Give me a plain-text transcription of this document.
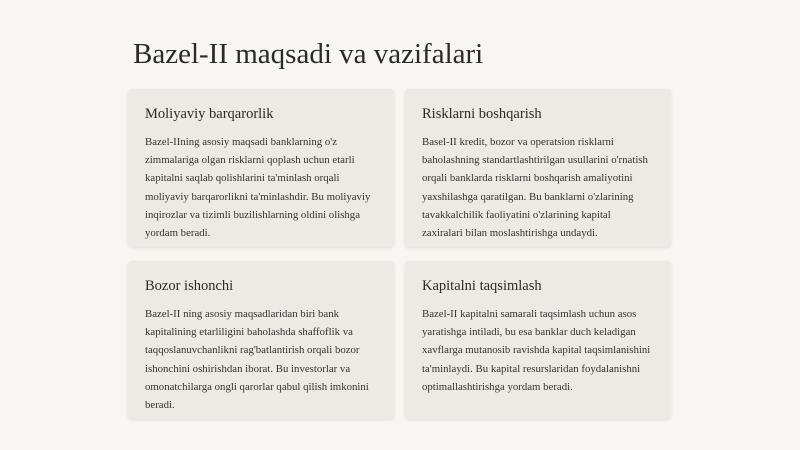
Bazel-II maqsadi va vazifalari
Moliyaviy barqarorlik

Bazel-IIning asosiy maqsadi banklarning o'z zimmalariga olgan risklarni qoplash uchun etarli kapitalni saqlab qolishlarini ta'minlash orqali moliyaviy barqarorlikni ta'minlashdir. Bu moliyaviy inqirozlar va tizimli buzilishlarning oldini olishga yordam beradi.

Risklarni boshqarish

Basel-II kredit, bozor va operatsion risklarni baholashning standartlashtirilgan usullarini o'rnatish orqali banklarda risklarni boshqarish amaliyotini yaxshilashga qaratilgan. Bu banklarni o'zlarining tavakkalchilik faoliyatini o'zlarining kapital zaxiralari bilan moslashtirishga undaydi.

Bozor ishonchi

Bazel-II ning asosiy maqsadlaridan biri bank kapitalining etarliligini baholashda shaffoflik va taqqoslanuvchanlikni rag'batlantirish orqali bozor ishonchini oshirishdan iborat. Bu investorlar va omonatchilarga ongli qarorlar qabul qilish imkonini beradi.

Kapitalni taqsimlash

Bazel-II kapitalni samarali taqsimlash uchun asos yaratishga intiladi, bu esa banklar duch keladigan xavflarga mutanosib ravishda kapital taqsimlanishini ta'minlaydi. Bu kapital resurslaridan foydalanishni optimallashtirishga yordam beradi.
